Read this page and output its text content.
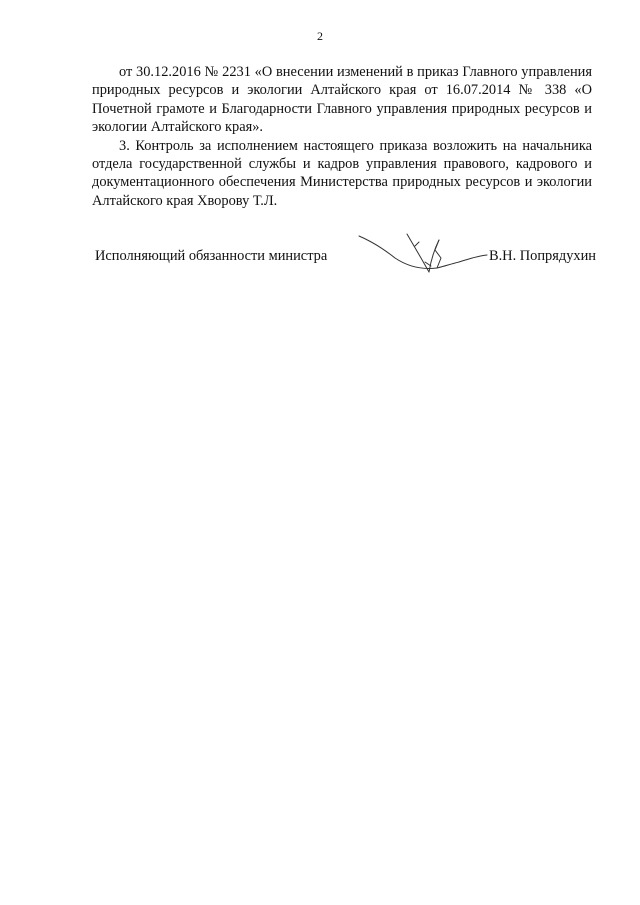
2

от 30.12.2016 № 2231 «О внесении изменений в приказ Главного управления природных ресурсов и экологии Алтайского края от 16.07.2014 № 338 «О Почетной грамоте и Благодарности Главного управления природных ресурсов и экологии Алтайского края».

3. Контроль за исполнением настоящего приказа возложить на начальника отдела государственной службы и кадров управления правового, кадрового и документационного обеспечения Министерства природных ресурсов и экологии Алтайского края Хворову Т.Л.

Исполняющий обязанности министра	В.Н. Попрядухин
